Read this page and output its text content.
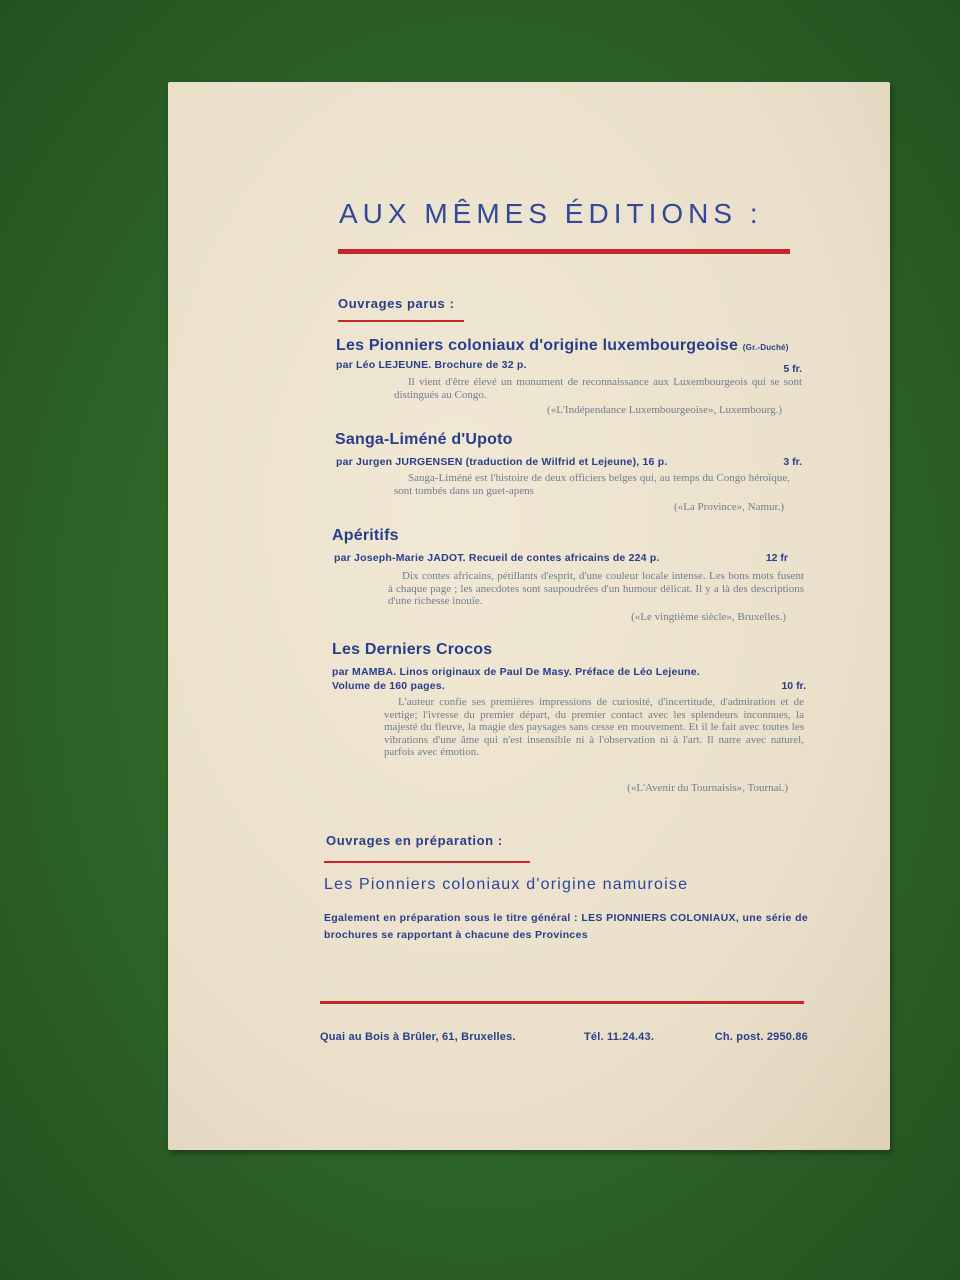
AUX MÊMES ÉDITIONS :

Ouvrages parus :

Les Pionniers coloniaux d'origine luxembourgeoise (Gr.-Duché)

par Léo LEJEUNE. Brochure de 32 p.	5 fr.

Il vient d'être élevé un monument de reconnaissance aux Luxembourgeois qui se sont distingués au Congo.

(«L'Indépendance Luxembourgeoise», Luxembourg.)

Sanga-Liméné d'Upoto

par Jurgen JURGENSEN (traduction de Wilfrid et Lejeune), 16 p.	3 fr.

Sanga-Liméné est l'histoire de deux officiers belges qui, au temps du Congo héroïque, sont tombés dans un guet-apens

(«La Province», Namur.)

Apéritifs

par Joseph-Marie JADOT. Recueil de contes africains de 224 p.	12 fr

Dix contes africains, pétillants d'esprit, d'une couleur locale intense. Les bons mots fusent à chaque page ; les anecdotes sont saupoudrées d'un humour délicat. Il y a là des descriptions d'une richesse inouïe.

(«Le vingtième siècle», Bruxelles.)

Les Derniers Crocos

par MAMBA. Linos originaux de Paul De Masy. Préface de Léo Lejeune.

Volume de 160 pages.	10 fr.

L'auteur confie ses premières impressions de curiosité, d'incertitude, d'admiration et de vertige; l'ivresse du premier départ, du premier contact avec les splendeurs inconnues, la majesté du fleuve, la magie des paysages sans cesse en mouvement. Et il le fait avec toutes les vibrations d'une âme qui n'est insensible ni à l'observation ni à l'art. Il narre avec naturel, parfois avec émotion.

(«L'Avenir du Tournaisis», Tournai.)

Ouvrages en préparation :

Les Pionniers coloniaux d'origine namuroise

Egalement en préparation sous le titre général : LES PIONNIERS COLONIAUX, une série de brochures se rapportant à chacune des Provinces

Quai au Bois à Brûler, 61, Bruxelles.	Tél. 11.24.43.	Ch. post. 2950.86
